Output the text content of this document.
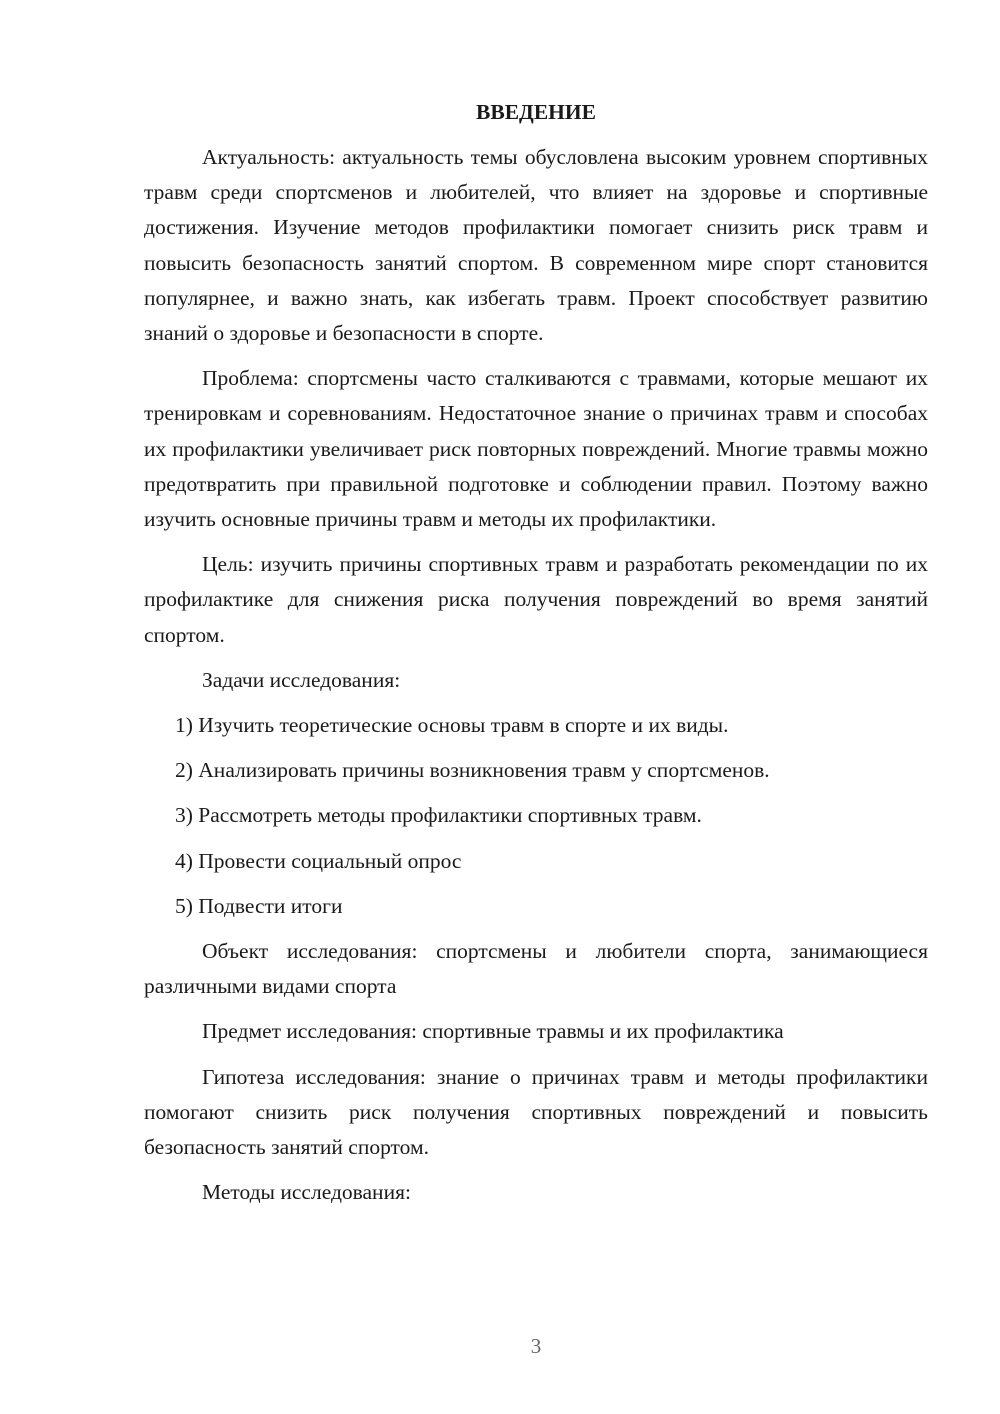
ВВЕДЕНИЕ
Актуальность: актуальность темы обусловлена высоким уровнем спортивных травм среди спортсменов и любителей, что влияет на здоровье и спортивные достижения. Изучение методов профилактики помогает снизить риск травм и повысить безопасность занятий спортом. В современном мире спорт становится популярнее, и важно знать, как избегать травм. Проект способствует развитию знаний о здоровье и безопасности в спорте.
Проблема: спортсмены часто сталкиваются с травмами, которые мешают их тренировкам и соревнованиям. Недостаточное знание о причинах травм и способах их профилактики увеличивает риск повторных повреждений. Многие травмы можно предотвратить при правильной подготовке и соблюдении правил. Поэтому важно изучить основные причины травм и методы их профилактики.
Цель: изучить причины спортивных травм и разработать рекомендации по их профилактике для снижения риска получения повреждений во время занятий спортом.
Задачи исследования:
1) Изучить теоретические основы травм в спорте и их виды.
2) Анализировать причины возникновения травм у спортсменов.
3) Рассмотреть методы профилактики спортивных травм.
4) Провести социальный опрос
5) Подвести итоги
Объект исследования: спортсмены и любители спорта, занимающиеся различными видами спорта
Предмет исследования: спортивные травмы и их профилактика
Гипотеза исследования: знание о причинах травм и методы профилактики помогают снизить риск получения спортивных повреждений и повысить безопасность занятий спортом.
Методы исследования:
3
